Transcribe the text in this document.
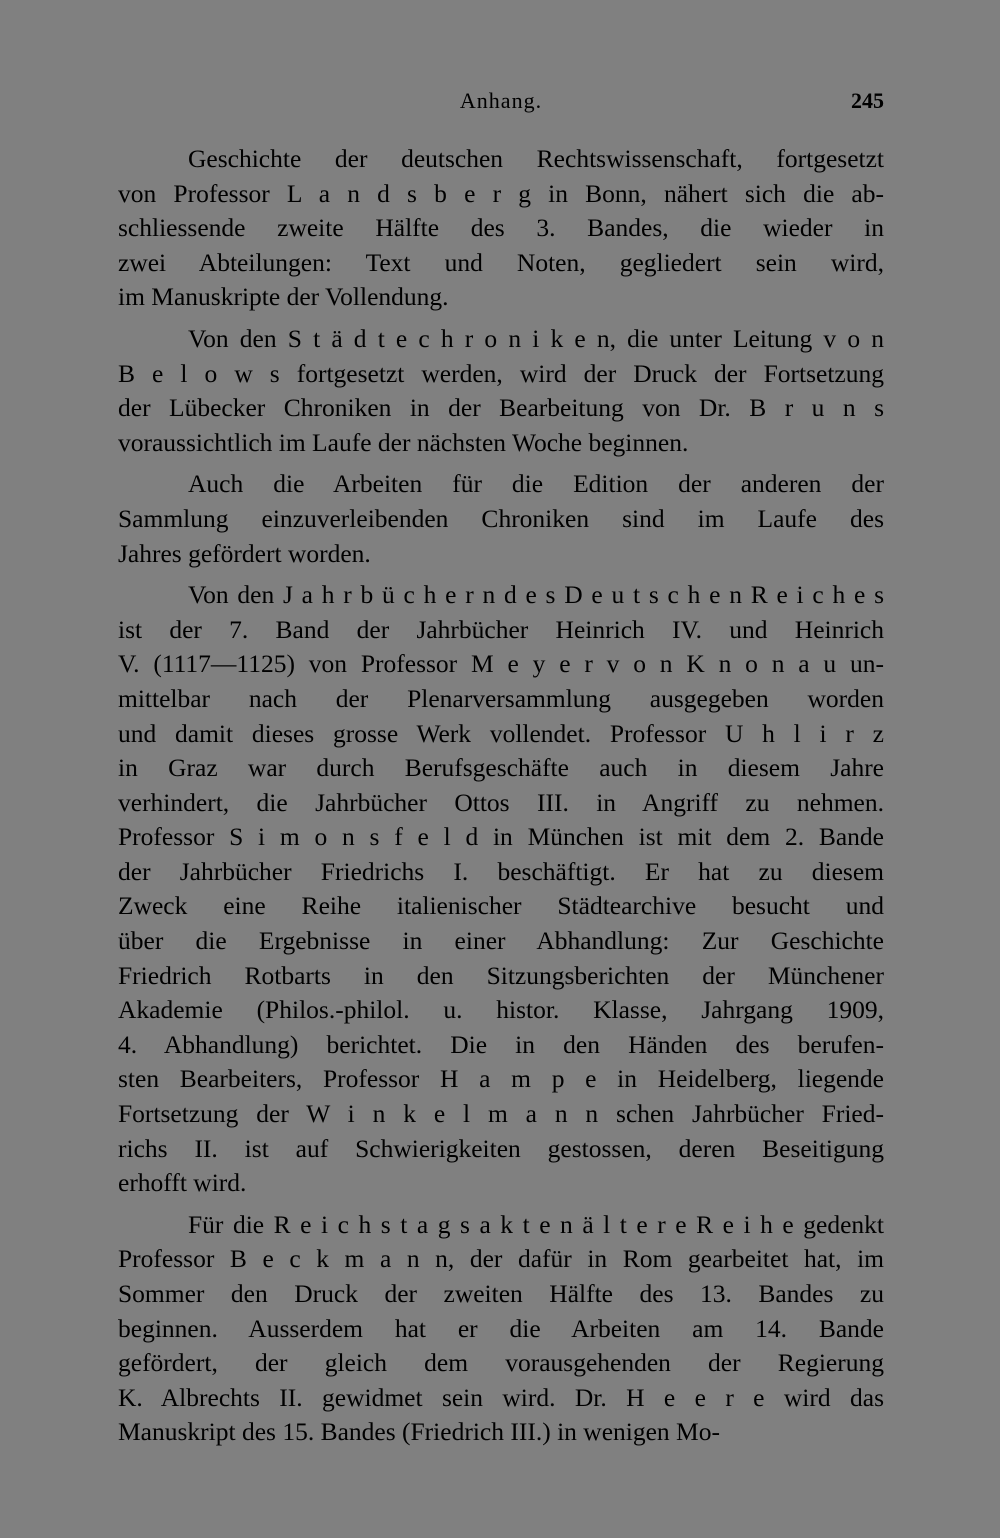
Anhang.	245
Geschichte der deutschen Rechtswissenschaft, fortgesetzt
von Professor L a n d s b e r g in Bonn, nähert sich die ab-
schliessende zweite Hälfte des 3. Bandes, die wieder in
zwei Abteilungen: Text und Noten, gegliedert sein wird,
im Manuskripte der Vollendung.
Von den S t ä d t e c h r o n i k e n, die unter Leitung v o n
B e l o w s fortgesetzt werden, wird der Druck der Fortsetzung
der Lübecker Chroniken in der Bearbeitung von Dr. B r u n s
voraussichtlich im Laufe der nächsten Woche beginnen.
Auch die Arbeiten für die Edition der anderen der
Sammlung einzuverleibenden Chroniken sind im Laufe des
Jahres gefördert worden.
Von den J a h r b ü c h e r n d e s D e u t s c h e n R e i c h e s
ist der 7. Band der Jahrbücher Heinrich IV. und Heinrich
V. (1117—1125) von Professor M e y e r v o n K n o n a u un-
mittelbar nach der Plenarversammlung ausgegeben worden
und damit dieses grosse Werk vollendet. Professor U h l i r z
in Graz war durch Berufsgeschäfte auch in diesem Jahre
verhindert, die Jahrbücher Ottos III. in Angriff zu nehmen.
Professor S i m o n s f e l d in München ist mit dem 2. Bande
der Jahrbücher Friedrichs I. beschäftigt. Er hat zu diesem
Zweck eine Reihe italienischer Städtearchive besucht und
über die Ergebnisse in einer Abhandlung: Zur Geschichte
Friedrich Rotbarts in den Sitzungsberichten der Münchener
Akademie (Philos.-philol. u. histor. Klasse, Jahrgang 1909,
4. Abhandlung) berichtet. Die in den Händen des berufen-
sten Bearbeiters, Professor H a m p e in Heidelberg, liegende
Fortsetzung der W i n k e l m a n n schen Jahrbücher Fried-
richs II. ist auf Schwierigkeiten gestossen, deren Beseitigung
erhofft wird.
Für die R e i c h s t a g s a k t e n ä l t e r e R e i h e gedenkt
Professor B e c k m a n n, der dafür in Rom gearbeitet hat, im
Sommer den Druck der zweiten Hälfte des 13. Bandes zu
beginnen. Ausserdem hat er die Arbeiten am 14. Bande
gefördert, der gleich dem vorausgehenden der Regierung
K. Albrechts II. gewidmet sein wird. Dr. H e e r e wird das
Manuskript des 15. Bandes (Friedrich III.) in wenigen Mo-
